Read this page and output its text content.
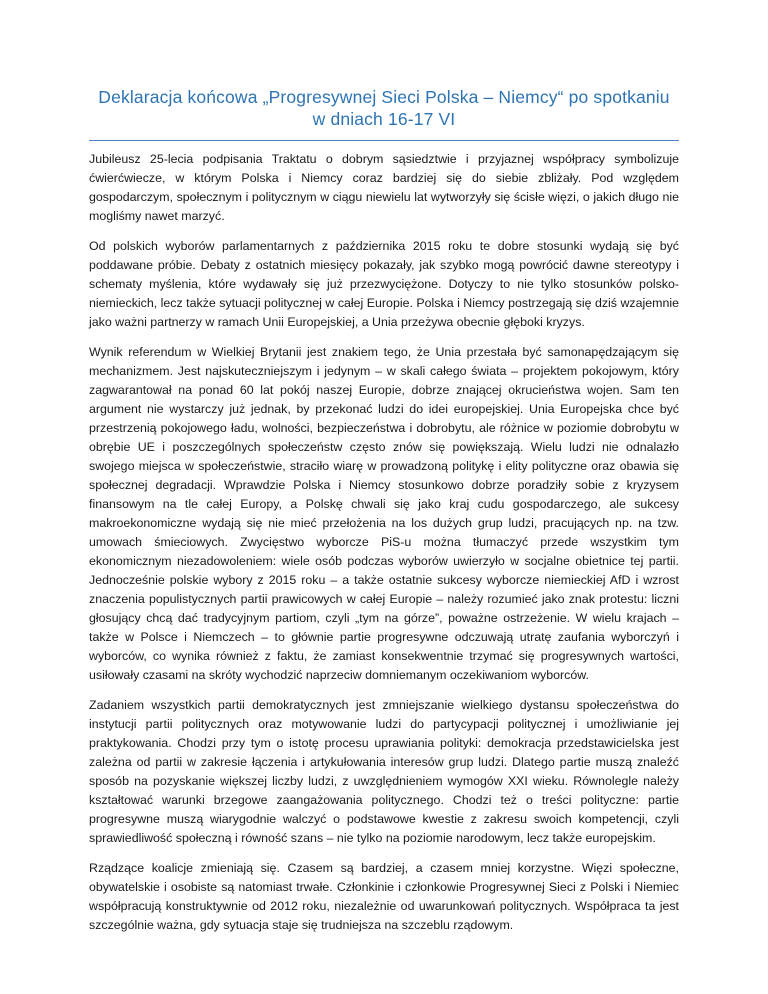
Deklaracja końcowa „Progresywnej Sieci Polska – Niemcy“ po spotkaniu w dniach 16-17 VI

Jubileusz 25-lecia podpisania Traktatu o dobrym sąsiedztwie i przyjaznej współpracy symbolizuje ćwierćwiecze, w którym Polska i Niemcy coraz bardziej się do siebie zbliżały. Pod względem gospodarczym, społecznym i politycznym w ciągu niewielu lat wytworzyły się ścisłe więzi, o jakich długo nie mogliśmy nawet marzyć.

Od polskich wyborów parlamentarnych z października 2015 roku te dobre stosunki wydają się być poddawane próbie. Debaty z ostatnich miesięcy pokazały, jak szybko mogą powrócić dawne stereotypy i schematy myślenia, które wydawały się już przezwyciężone. Dotyczy to nie tylko stosunków polsko-niemieckich, lecz także sytuacji politycznej w całej Europie. Polska i Niemcy postrzegają się dziś wzajemnie jako ważni partnerzy w ramach Unii Europejskiej, a Unia przeżywa obecnie głęboki kryzys.

Wynik referendum w Wielkiej Brytanii jest znakiem tego, że Unia przestała być samonapędzającym się mechanizmem. Jest najskuteczniejszym i jedynym – w skali całego świata – projektem pokojowym, który zagwarantował na ponad 60 lat pokój naszej Europie, dobrze znającej okrucieństwa wojen. Sam ten argument nie wystarczy już jednak, by przekonać ludzi do idei europejskiej. Unia Europejska chce być przestrzenią pokojowego ładu, wolności, bezpieczeństwa i dobrobytu, ale różnice w poziomie dobrobytu w obrębie UE i poszczególnych społeczeństw często znów się powiększają. Wielu ludzi nie odnalazło swojego miejsca w społeczeństwie, straciło wiarę w prowadzoną politykę i elity polityczne oraz obawia się społecznej degradacji. Wprawdzie Polska i Niemcy stosunkowo dobrze poradziły sobie z kryzysem finansowym na tle całej Europy, a Polskę chwali się jako kraj cudu gospodarczego, ale sukcesy makroekonomiczne wydają się nie mieć przełożenia na los dużych grup ludzi, pracujących np. na tzw. umowach śmieciowych. Zwycięstwo wyborcze PiS-u można tłumaczyć przede wszystkim tym ekonomicznym niezadowoleniem: wiele osób podczas wyborów uwierzyło w socjalne obietnice tej partii. Jednocześnie polskie wybory z 2015 roku – a także ostatnie sukcesy wyborcze niemieckiej AfD i wzrost znaczenia populistycznych partii prawicowych w całej Europie – należy rozumieć jako znak protestu: liczni głosujący chcą dać tradycyjnym partiom, czyli „tym na górze”, poważne ostrzeżenie. W wielu krajach – także w Polsce i Niemczech – to głównie partie progresywne odczuwają utratę zaufania wyborczyń i wyborców, co wynika również z faktu, że zamiast konsekwentnie trzymać się progresywnych wartości, usiłowały czasami na skróty wychodzić naprzeciw domniemanym oczekiwaniom wyborców.

Zadaniem wszystkich partii demokratycznych jest zmniejszanie wielkiego dystansu społeczeństwa do instytucji partii politycznych oraz motywowanie ludzi do partycypacji politycznej i umożliwianie jej praktykowania. Chodzi przy tym o istotę procesu uprawiania polityki: demokracja przedstawicielska jest zależna od partii w zakresie łączenia i artykułowania interesów grup ludzi. Dlatego partie muszą znaleźć sposób na pozyskanie większej liczby ludzi, z uwzględnieniem wymogów XXI wieku. Równolegle należy kształtować warunki brzegowe zaangażowania politycznego. Chodzi też o treści polityczne: partie progresywne muszą wiarygodnie walczyć o podstawowe kwestie z zakresu swoich kompetencji, czyli sprawiedliwość społeczną i równość szans – nie tylko na poziomie narodowym, lecz także europejskim.

Rządzące koalicje zmieniają się. Czasem są bardziej, a czasem mniej korzystne. Więzi społeczne, obywatelskie i osobiste są natomiast trwałe. Członkinie i członkowie Progresywnej Sieci z Polski i Niemiec współpracują konstruktywnie od 2012 roku, niezależnie od uwarunkowań politycznych. Współpraca ta jest szczególnie ważna, gdy sytuacja staje się trudniejsza na szczeblu rządowym.
